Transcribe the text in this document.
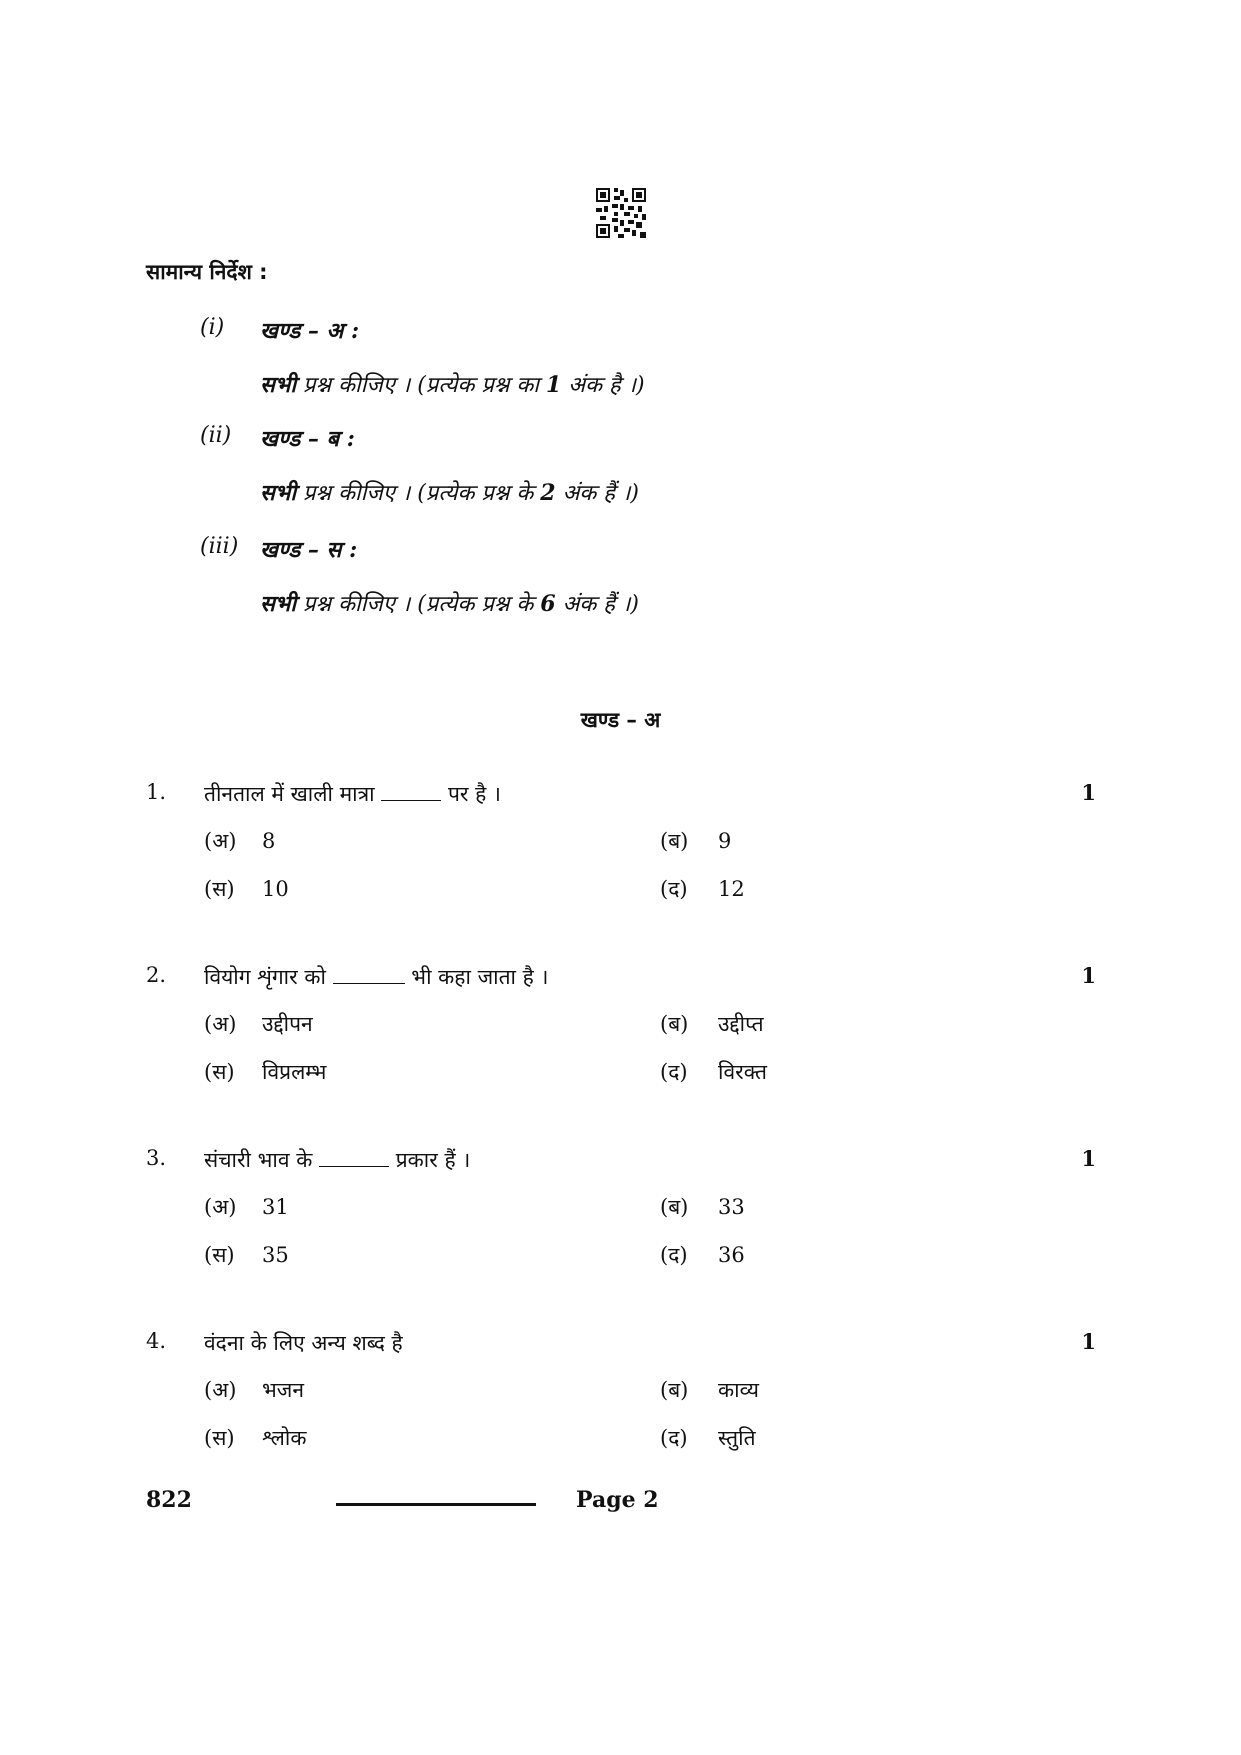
सामान्य निर्देश :
(i) खण्ड – अ :
सभी प्रश्न कीजिए । (प्रत्येक प्रश्न का 1 अंक है ।)
(ii) खण्ड – ब :
सभी प्रश्न कीजिए । (प्रत्येक प्रश्न के 2 अंक हैं ।)
(iii) खण्ड – स :
सभी प्रश्न कीजिए । (प्रत्येक प्रश्न के 6 अंक हैं ।)
खण्ड – अ
1. तीनताल में खाली मात्रा	पर है ।	1
(अ) 8	(ब) 9
(स) 10	(द) 12
2. वियोग शृंगार को	भी कहा जाता है ।	1
(अ) उद्दीपन	(ब) उद्दीप्त
(स) विप्रलम्भ	(द) विरक्त
3. संचारी भाव के	प्रकार हैं ।	1
(अ) 31	(ब) 33
(स) 35	(द) 36
4. वंदना के लिए अन्य शब्द है	1
(अ) भजन	(ब) काव्य
(स) श्लोक	(द) स्तुति
822	Page 2
